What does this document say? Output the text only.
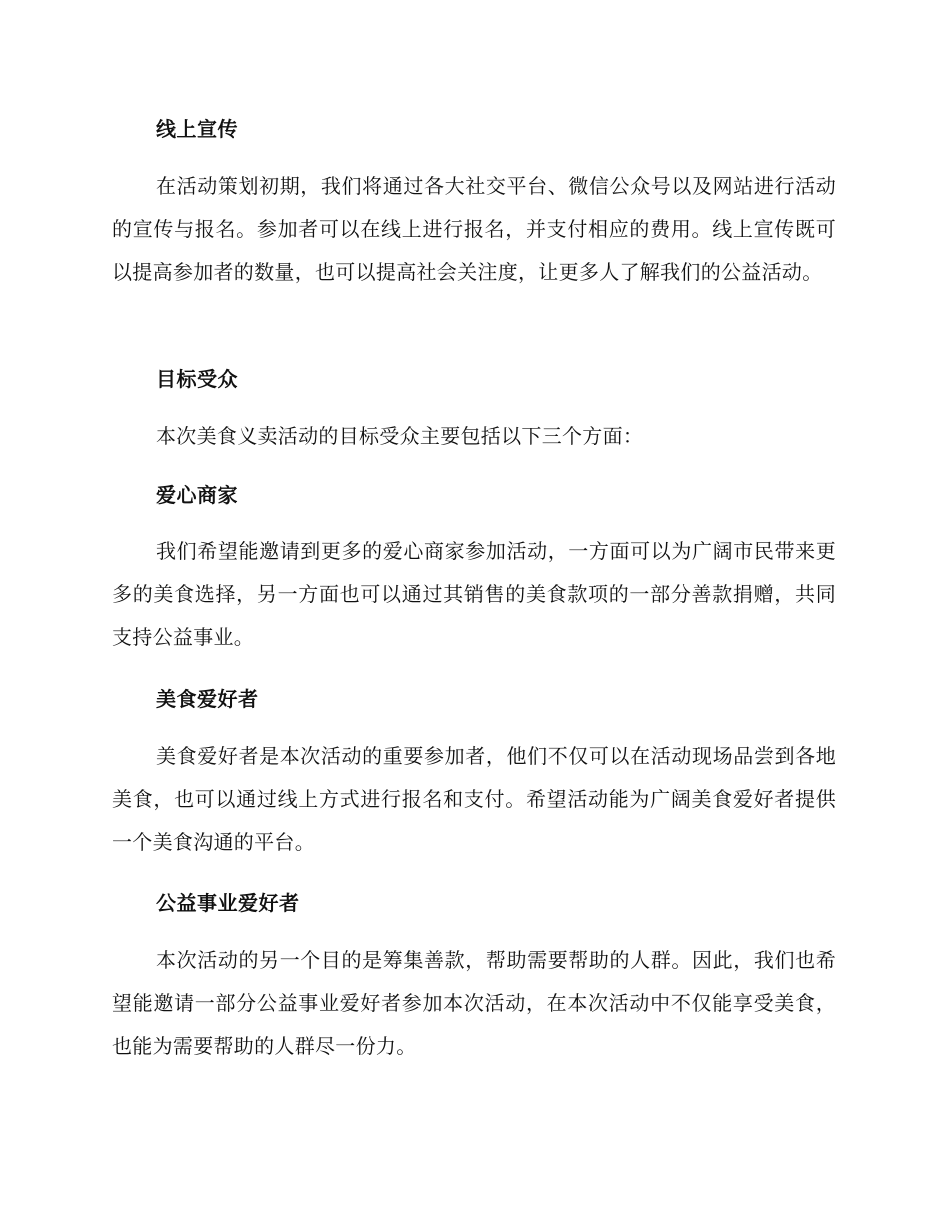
线上宣传
在活动策划初期，我们将通过各大社交平台、微信公众号以及网站进行活动的宣传与报名。参加者可以在线上进行报名，并支付相应的费用。线上宣传既可以提高参加者的数量，也可以提高社会关注度，让更多人了解我们的公益活动。
目标受众
本次美食义卖活动的目标受众主要包括以下三个方面：
爱心商家
我们希望能邀请到更多的爱心商家参加活动，一方面可以为广阔市民带来更多的美食选择，另一方面也可以通过其销售的美食款项的一部分善款捐赠，共同支持公益事业。
美食爱好者
美食爱好者是本次活动的重要参加者，他们不仅可以在活动现场品尝到各地美食，也可以通过线上方式进行报名和支付。希望活动能为广阔美食爱好者提供一个美食沟通的平台。
公益事业爱好者
本次活动的另一个目的是筹集善款，帮助需要帮助的人群。因此，我们也希望能邀请一部分公益事业爱好者参加本次活动，在本次活动中不仅能享受美食，也能为需要帮助的人群尽一份力。
